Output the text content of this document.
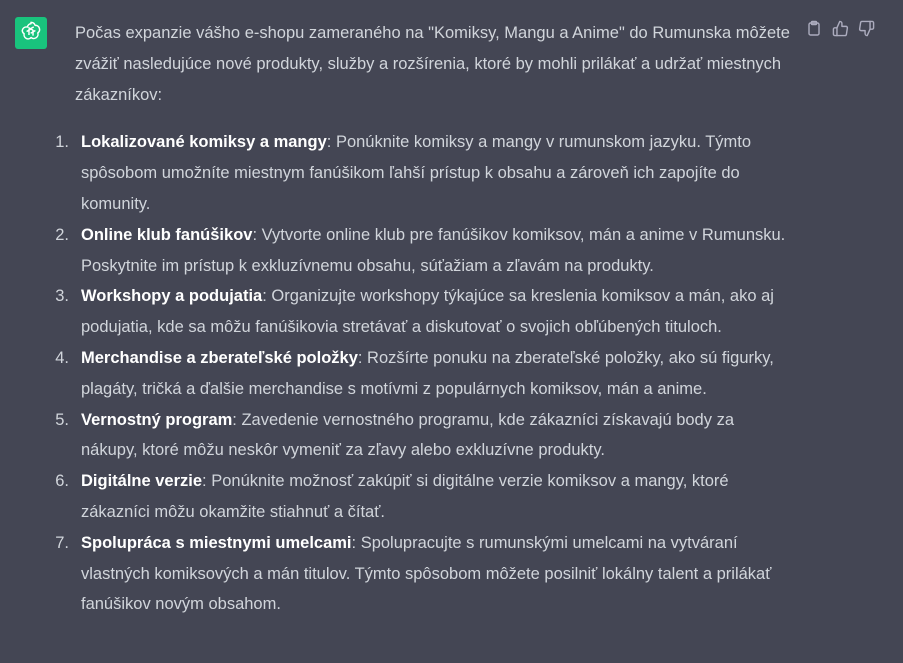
Počas expanzie vášho e-shopu zameraného na "Komiksy, Mangu a Anime" do Rumunska môžete zvážiť nasledujúce nové produkty, služby a rozšírenia, ktoré by mohli prilákať a udržať miestnych zákazníkov:

1. Lokalizované komiksy a mangy: Ponúknite komiksy a mangy v rumunskom jazyku. Týmto spôsobom umožníte miestnym fanúšikom ľahší prístup k obsahu a zároveň ich zapojíte do komunity.
2. Online klub fanúšikov: Vytvorte online klub pre fanúšikov komiksov, mán a anime v Rumunsku. Poskytnite im prístup k exkluzívnemu obsahu, súťažiam a zľavám na produkty.
3. Workshopy a podujatia: Organizujte workshopy týkajúce sa kreslenia komiksov a mán, ako aj podujatia, kde sa môžu fanúšikovia stretávať a diskutovať o svojich obľúbených tituloch.
4. Merchandise a zberateľské položky: Rozšírte ponuku na zberateľské položky, ako sú figurky, plagáty, tričká a ďalšie merchandise s motívmi z populárnych komiksov, mán a anime.
5. Vernostný program: Zavedenie vernostného programu, kde zákazníci získavajú body za nákupy, ktoré môžu neskôr vymeniť za zľavy alebo exkluzívne produkty.
6. Digitálne verzie: Ponúknite možnosť zakúpiť si digitálne verzie komiksov a mangy, ktoré zákazníci môžu okamžite stiahnuť a čítať.
7. Spolupráca s miestnymi umelcami: Spolupracujte s rumunskými umelcami na vytváraní vlastných komiksových a mán titulov. Týmto spôsobom môžete posilniť lokálny talent a prilákať fanúšikov novým obsahom.
